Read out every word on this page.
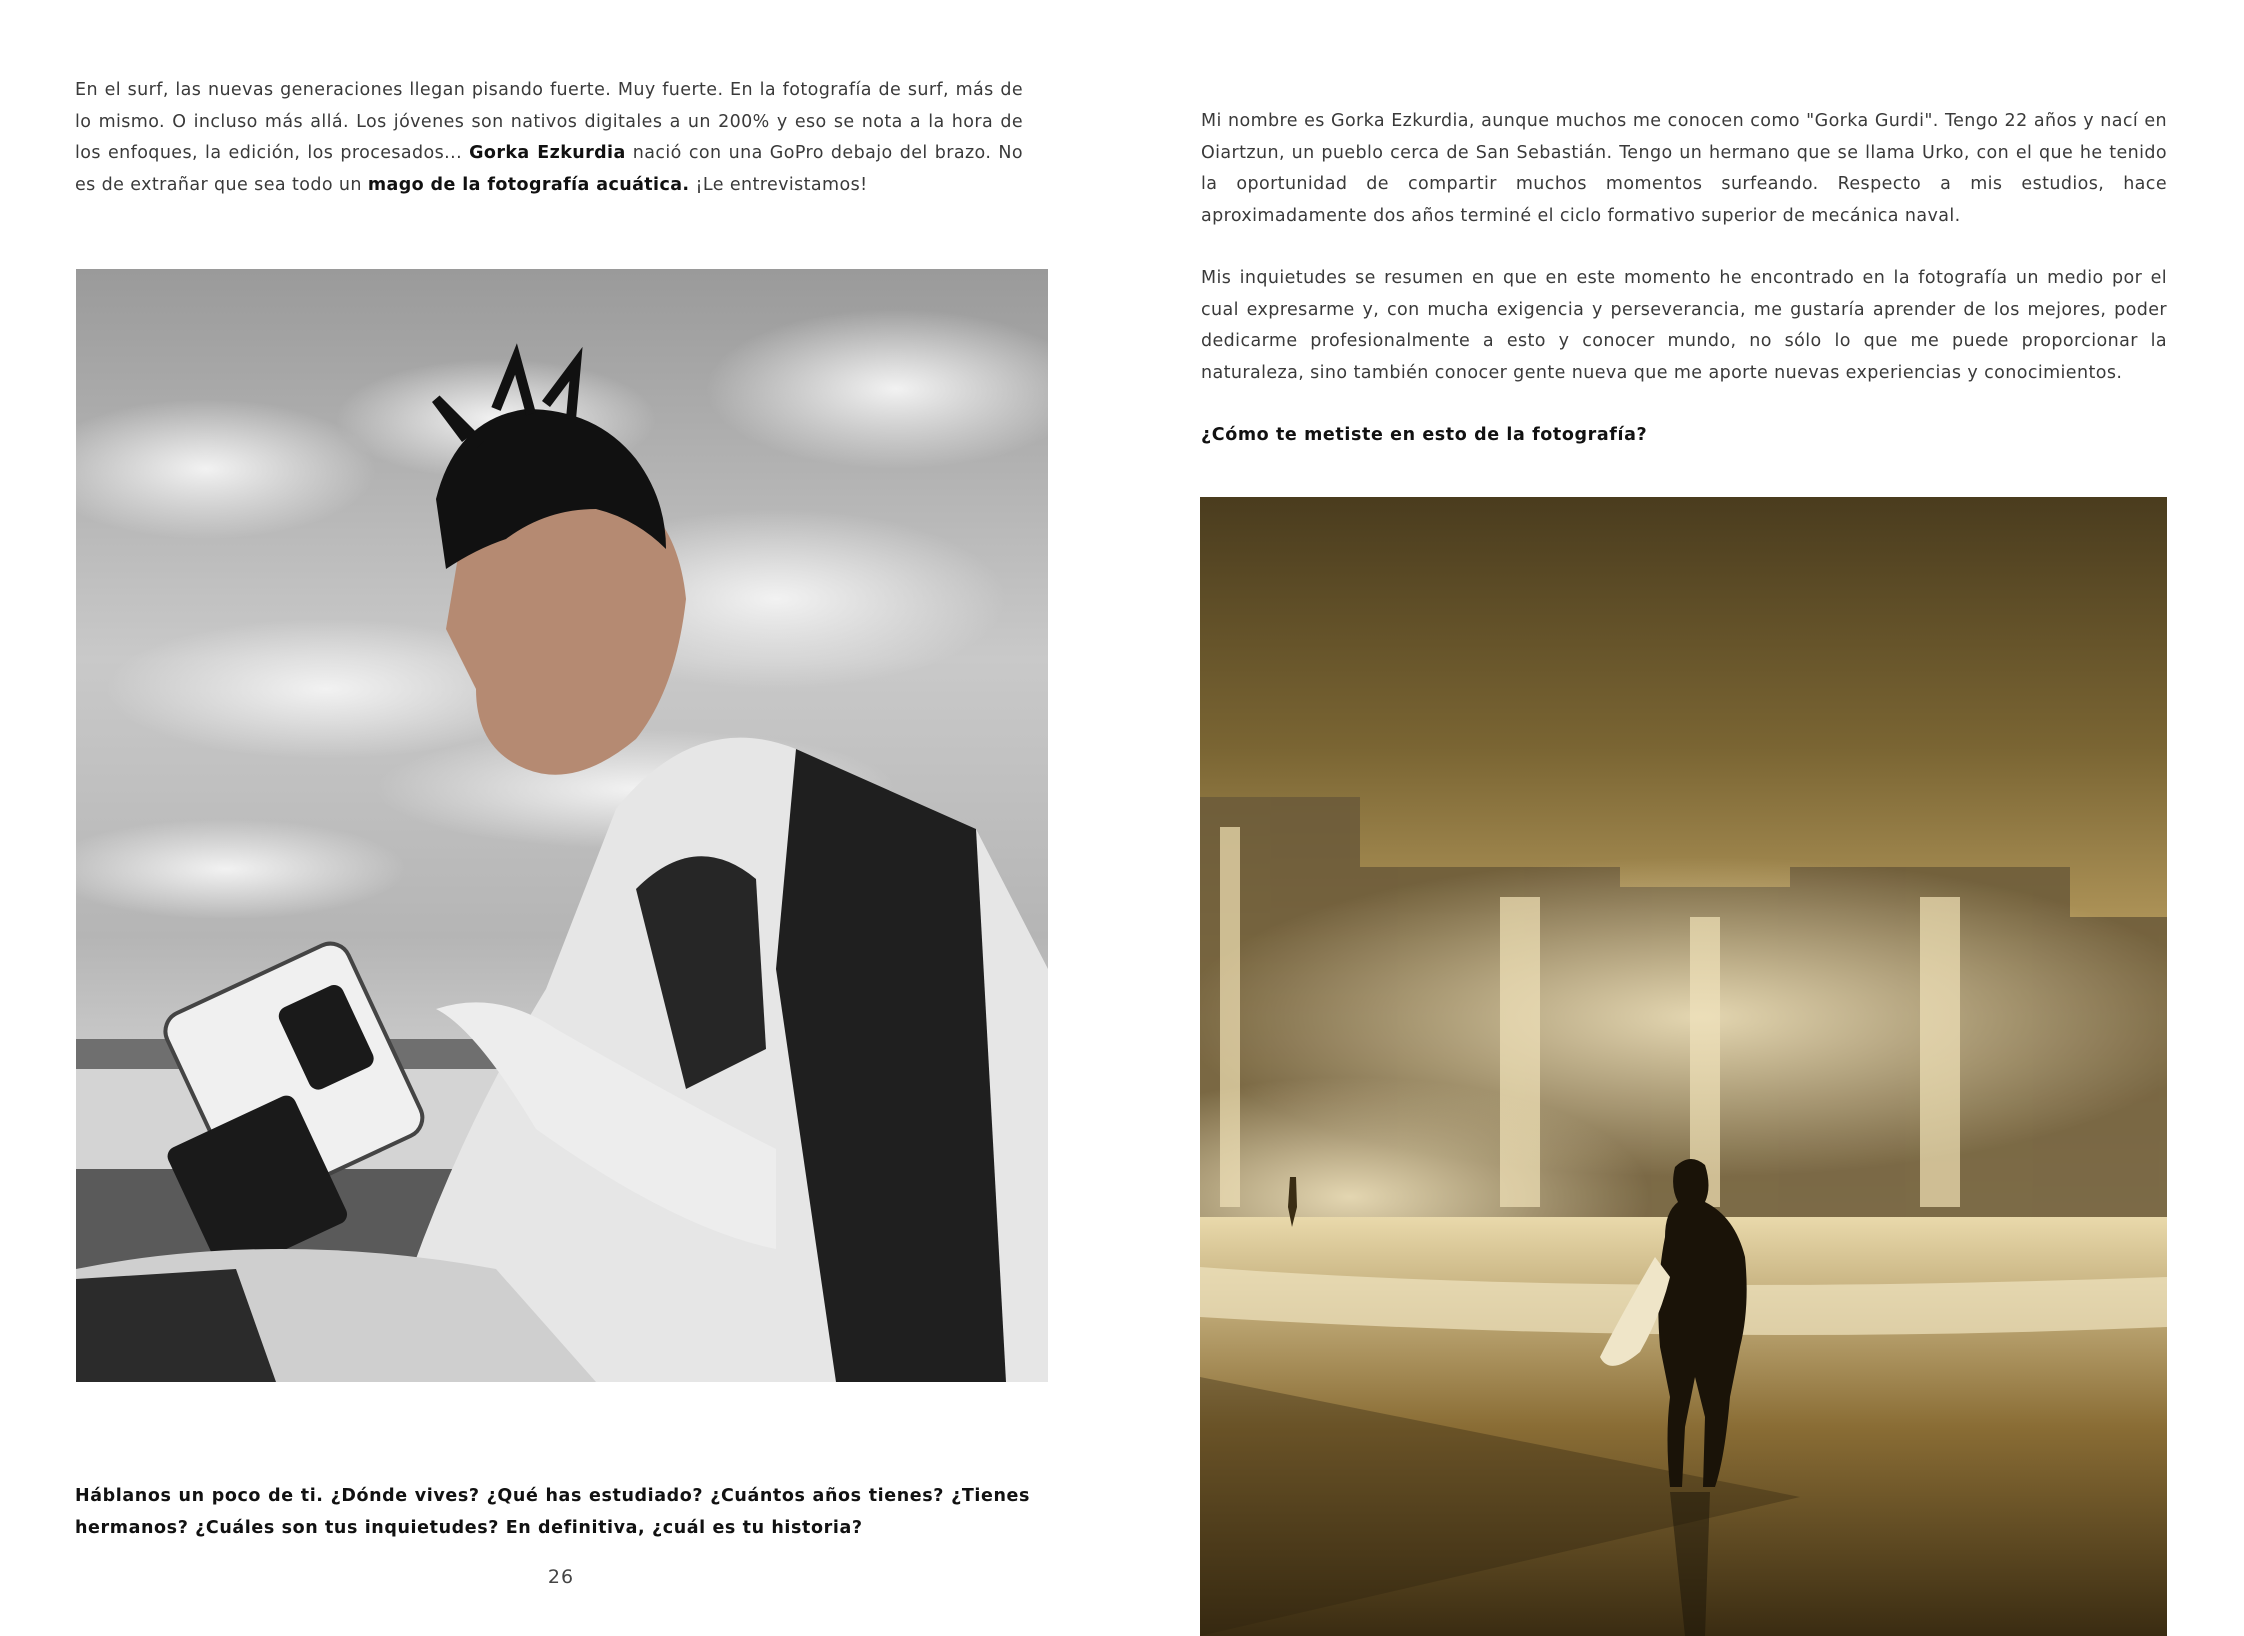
En el surf, las nuevas generaciones llegan pisando fuerte. Muy fuerte. En la fotografía de surf, más de lo mismo. O incluso más allá. Los jóvenes son nativos digitales a un 200% y eso se nota a la hora de los enfoques, la edición, los procesados... Gorka Ezkurdia nació con una GoPro debajo del brazo. No es de extrañar que sea todo un mago de la fotografía acuática. ¡Le entrevistamos!
Háblanos un poco de ti. ¿Dónde vives? ¿Qué has estudiado? ¿Cuántos años tienes? ¿Tienes hermanos? ¿Cuáles son tus inquietudes? En definitiva, ¿cuál es tu historia?
26
Mi nombre es Gorka Ezkurdia, aunque muchos me conocen como "Gorka Gurdi". Tengo 22 años y nací en Oiartzun, un pueblo cerca de San Sebastián. Tengo un hermano que se llama Urko, con el que he tenido la oportunidad de compartir muchos momentos surfeando. Respecto a mis estudios, hace aproximadamente dos años terminé el ciclo formativo superior de mecánica naval.
Mis inquietudes se resumen en que en este momento he encontrado en la fotografía un medio por el cual expresarme y, con mucha exigencia y perseverancia, me gustaría aprender de los mejores, poder dedicarme profesionalmente a esto y conocer mundo, no sólo lo que me puede proporcionar la naturaleza, sino también conocer gente nueva que me aporte nuevas experiencias y conocimientos.
¿Cómo te metiste en esto de la fotografía?
